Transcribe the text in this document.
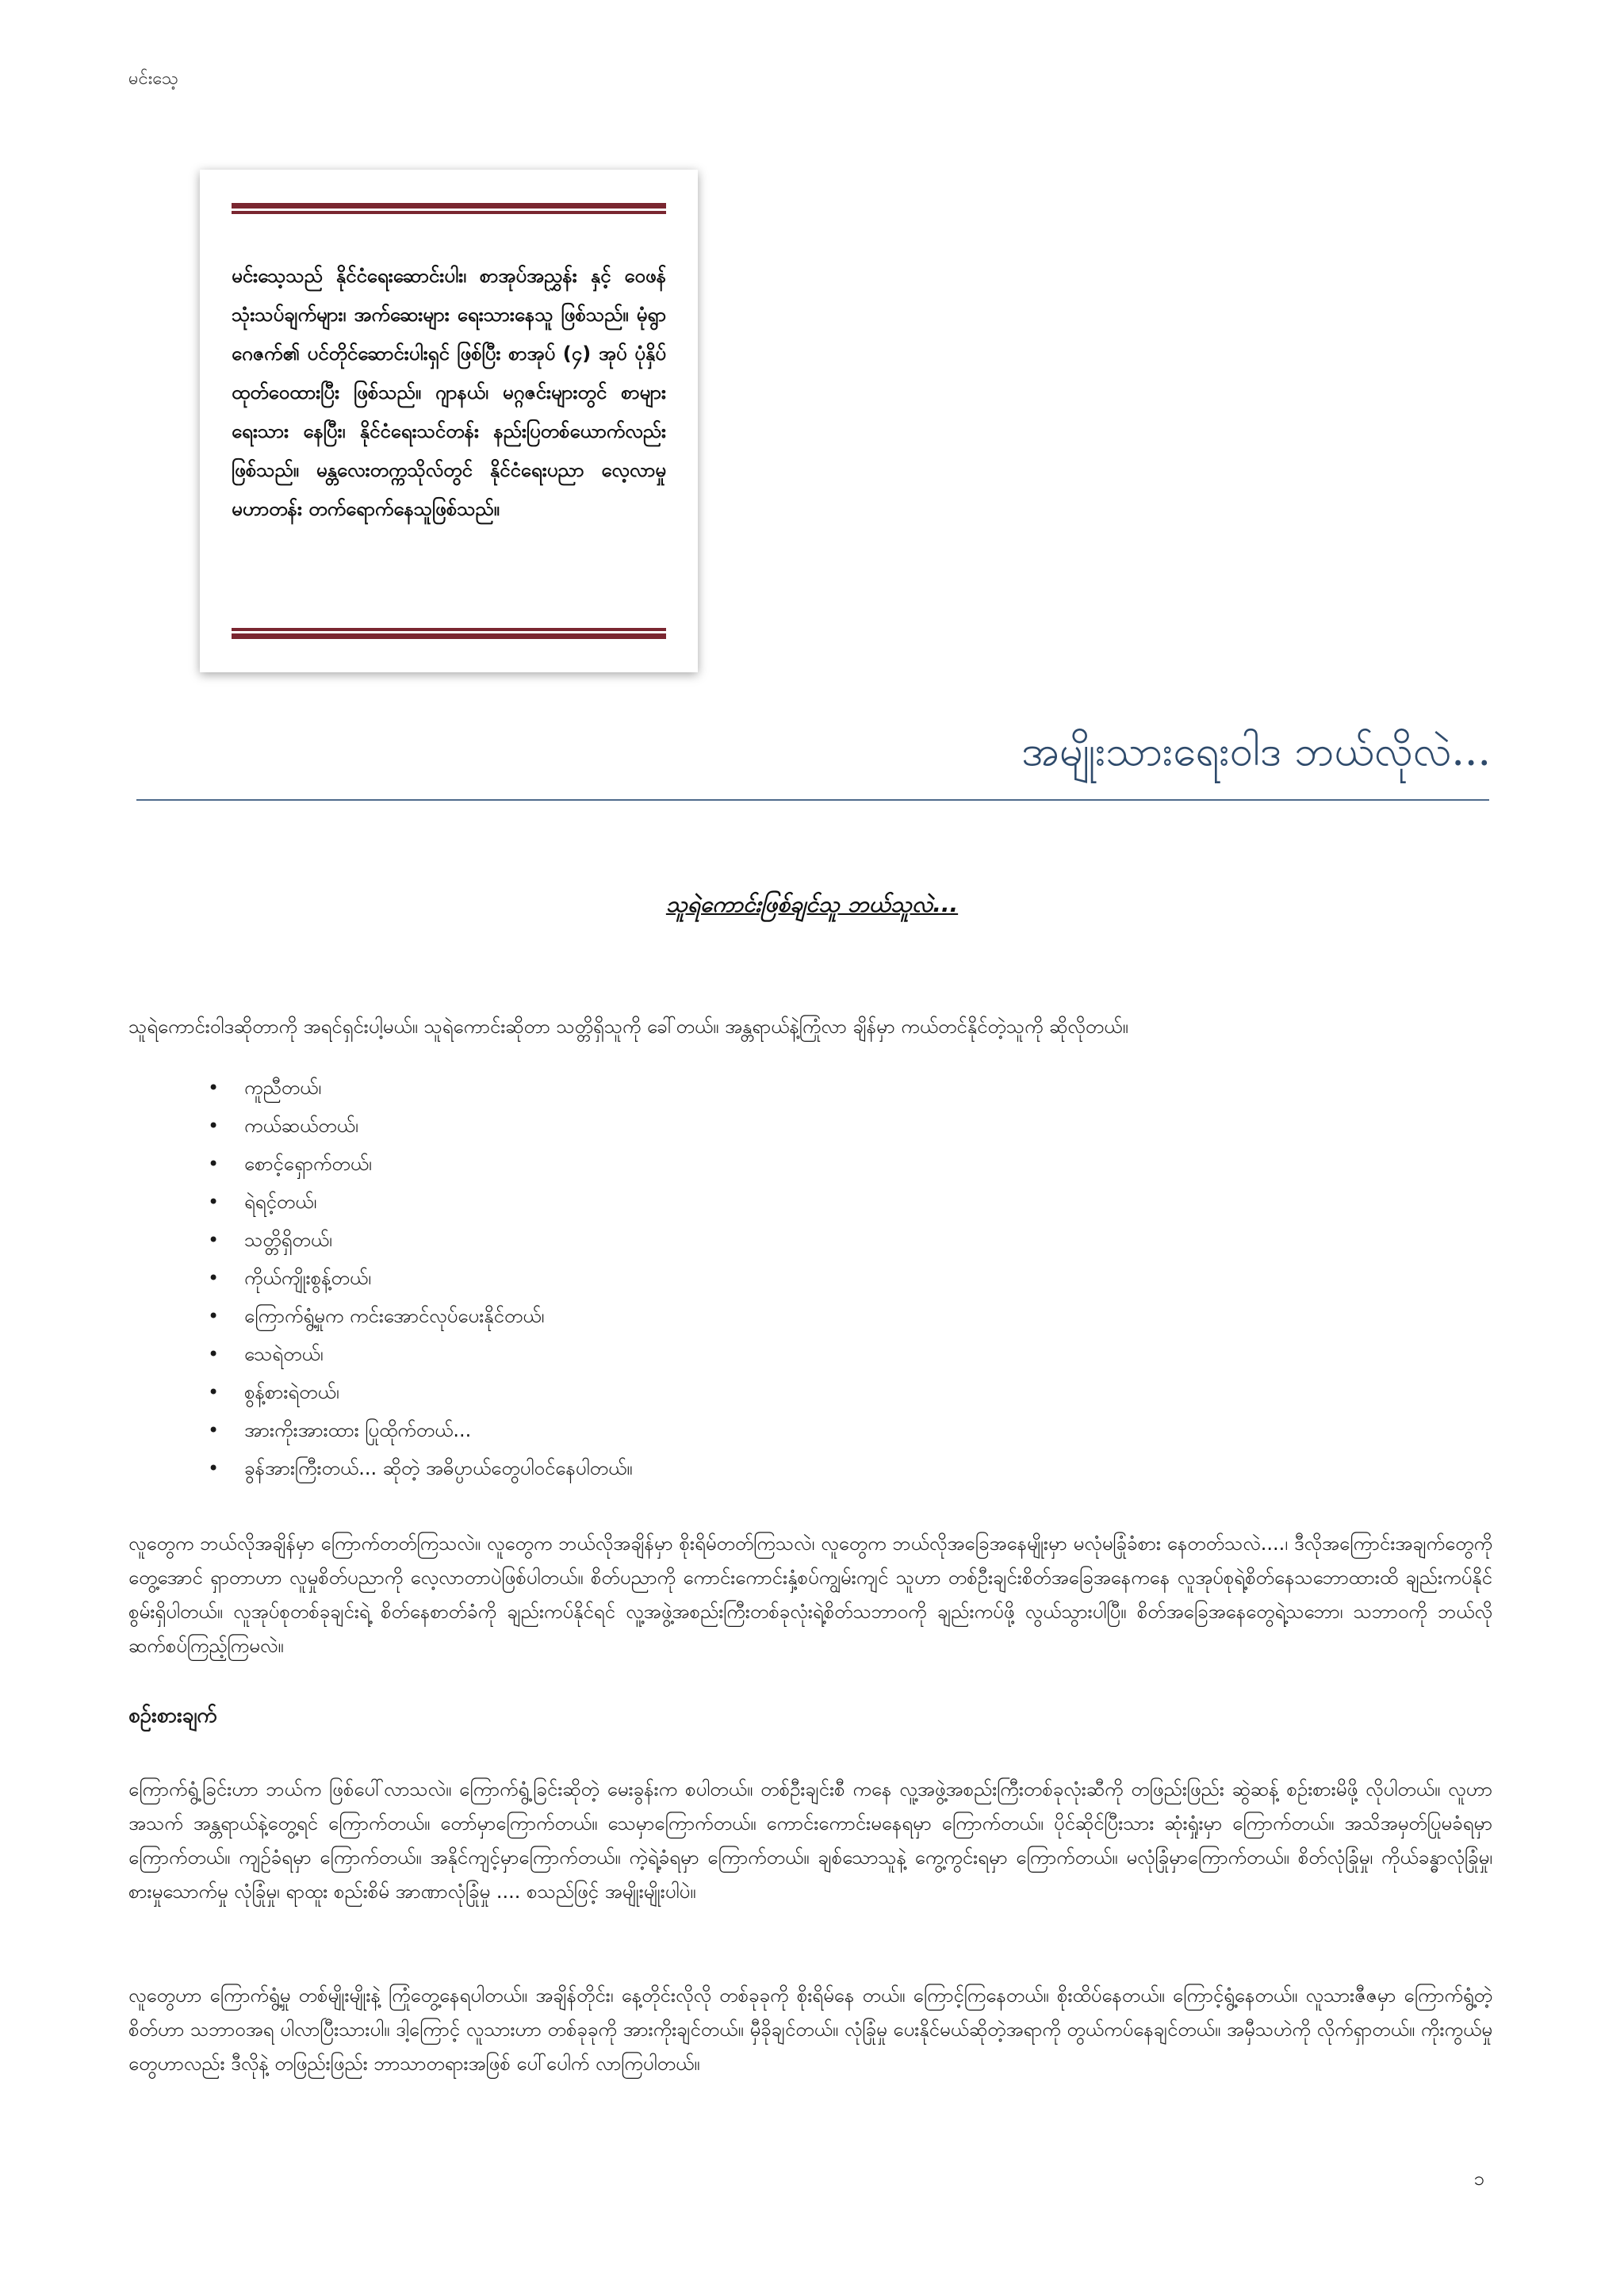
မင်းသေ့
မင်းသေ့သည် နိုင်ငံရေးဆောင်းပါး၊ စာအုပ်အညွှန်း နှင့် ဝေဖန်သုံးသပ်ချက်များ၊ အက်ဆေးများ ရေးသားနေသူ ဖြစ်သည်။ မုံရွာဂေဇက်၏ ပင်တိုင်ဆောင်းပါးရှင် ဖြစ်ပြီး စာအုပ် (၄) အုပ် ပုံနှိပ်ထုတ်ဝေထားပြီး ဖြစ်သည်။ ဂျာနယ်၊ မဂ္ဂဇင်းများတွင် စာများရေးသား နေပြီး၊ နိုင်ငံရေးသင်တန်း နည်းပြတစ်ယောက်လည်း ဖြစ်သည်။ မန္တလေးတက္ကသိုလ်တွင် နိုင်ငံရေးပညာ လေ့လာမှု မဟာတန်း တက်ရောက်နေသူဖြစ်သည်။
အမျိုးသားရေးဝါဒ ဘယ်လိုလဲ...
သူရဲကောင်းဖြစ်ချင်သူ ဘယ်သူလဲ...
သူရဲကောင်းဝါဒဆိုတာကို အရင်ရှင်းပါ့မယ်။ သူရဲကောင်းဆိုတာ သတ္တိရှိသူကို ခေါ်တယ်။ အန္တရာယ်နဲ့ကြုံလာ ချိန်မှာ ကယ်တင်နိုင်တဲ့သူကို ဆိုလိုတယ်။
• ကူညီတယ်၊
• ကယ်ဆယ်တယ်၊
• စောင့်ရှောက်တယ်၊
• ရဲရင့်တယ်၊
• သတ္တိရှိတယ်၊
• ကိုယ်ကျိုးစွန့်တယ်၊
• ကြောက်ရွံ့မှုက ကင်းအောင်လုပ်ပေးနိုင်တယ်၊
• သေရဲတယ်၊
• စွန့်စားရဲတယ်၊
• အားကိုးအားထား ပြုထိုက်တယ်...
• ခွန်အားကြီးတယ်... ဆိုတဲ့ အဓိပ္ပာယ်တွေပါဝင်နေပါတယ်။
လူတွေက ဘယ်လိုအချိန်မှာ ကြောက်တတ်ကြသလဲ။ လူတွေက ဘယ်လိုအချိန်မှာ စိုးရိမ်တတ်ကြသလဲ၊ လူတွေက ဘယ်လိုအခြေအနေမျိုးမှာ မလုံမခြုံခံစား နေတတ်သလဲ....၊ ဒီလိုအကြောင်းအချက်တွေကို တွေ့အောင် ရှာတာဟာ လူမှုစိတ်ပညာကို လေ့လာတာပဲဖြစ်ပါတယ်။ စိတ်ပညာကို ကောင်းကောင်းနှံ့စပ်ကျွမ်းကျင် သူဟာ တစ်ဦးချင်းစိတ်အခြေအနေကနေ လူအုပ်စုရဲ့စိတ်နေသဘောထားထိ ချည်းကပ်နိုင်စွမ်းရှိပါတယ်။ လူအုပ်စုတစ်ခုချင်းရဲ့ စိတ်နေစာတ်ခံကို ချည်းကပ်နိုင်ရင် လူ့အဖွဲ့အစည်းကြီးတစ်ခုလုံးရဲ့စိတ်သဘာဝကို ချည်းကပ်ဖို့ လွယ်သွားပါပြီ။ စိတ်အခြေအနေတွေရဲ့သဘော၊ သဘာဝကို ဘယ်လိုဆက်စပ်ကြည့်ကြမလဲ။
စဉ်းစားချက်
ကြောက်ရွံ့ခြင်းဟာ ဘယ်က ဖြစ်ပေါ်လာသလဲ။ ကြောက်ရွံ့ခြင်းဆိုတဲ့ မေးခွန်းက စပါတယ်။ တစ်ဦးချင်းစီ ကနေ လူ့အဖွဲ့အစည်းကြီးတစ်ခုလုံးဆီကို တဖြည်းဖြည်း ဆွဲဆန့် စဉ်းစားမိဖို့ လိုပါတယ်။ လူဟာ အသက် အန္တရာယ်နဲ့တွေ့ရင် ကြောက်တယ်။ တော်မှာကြောက်တယ်။ သေမှာကြောက်တယ်။ ကောင်းကောင်းမနေရမှာ ကြောက်တယ်။ ပိုင်ဆိုင်ပြီးသား ဆုံးရှုံးမှာ ကြောက်တယ်။ အသိအမှတ်ပြုမခံရမှာကြောက်တယ်။ ကျဉ်ခံရမှာ ကြောက်တယ်။ အနိုင်ကျင့်မှာကြောက်တယ်။ ကဲ့ရဲ့ခံရမှာ ကြောက်တယ်။ ချစ်သောသူနဲ့ ကွေ့ကွင်းရမှာ ကြောက်တယ်။ မလုံခြုံမှာကြောက်တယ်။ စိတ်လုံခြုံမှု၊ ကိုယ်ခန္ဓာလုံခြုံမှု၊ စားမှုသောက်မှု လုံခြုံမှု၊ ရာထူး စည်းစိမ် အာဏာလုံခြုံမှု .... စသည်ဖြင့် အမျိုးမျိုးပါပဲ။
လူတွေဟာ ကြောက်ရွံ့မှု တစ်မျိုးမျိုးနဲ့ ကြုံတွေ့နေရပါတယ်။ အချိန်တိုင်း၊ နေ့တိုင်းလိုလို တစ်ခုခုကို စိုးရိမ်နေ တယ်။ ကြောင့်ကြနေတယ်။ စိုးထိပ်နေတယ်။ ကြောင့်ရွံ့နေတယ်။ လူသားဇီဇမှာ ကြောက်ရွံ့တဲ့စိတ်ဟာ သဘာဝအရ ပါလာပြီးသားပါ။ ဒါ့ကြောင့် လူသားဟာ တစ်ခုခုကို အားကိုးချင်တယ်။ မှီခိုချင်တယ်။ လုံခြုံမှု ပေးနိုင်မယ်ဆိုတဲ့အရာကို တွယ်ကပ်နေချင်တယ်။ အမှီသဟဲကို လိုက်ရှာတယ်။ ကိုးကွယ်မှုတွေဟာလည်း ဒီလိုနဲ့ တဖြည်းဖြည်း ဘာသာတရားအဖြစ် ပေါ်ပေါက် လာကြပါတယ်။
၁
